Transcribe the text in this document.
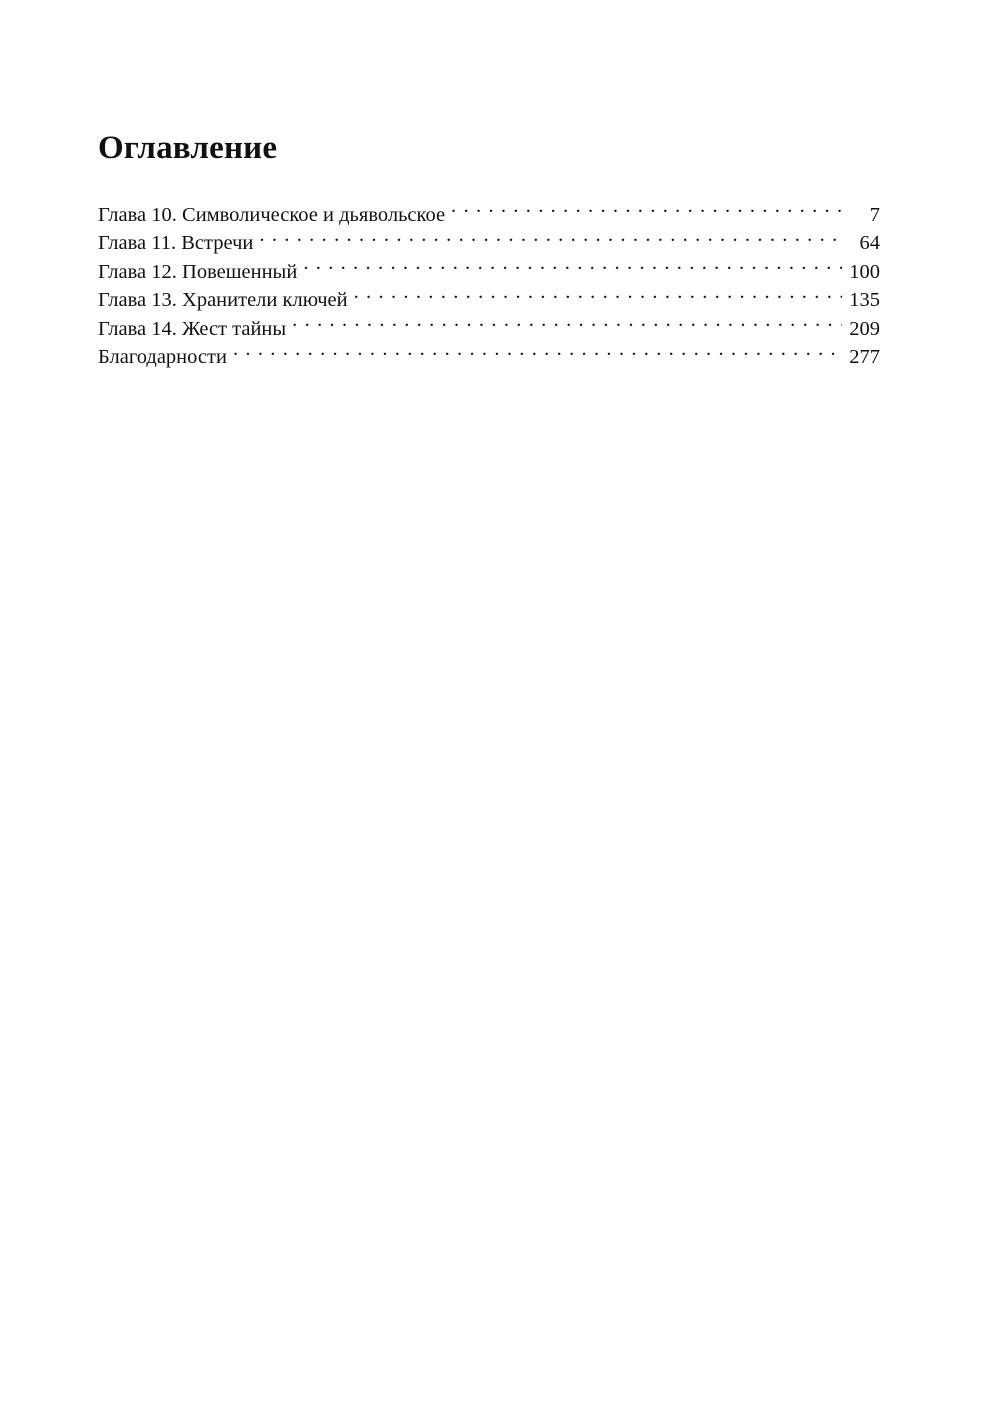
Оглавление
Глава 10. Символическое и дьявольское . . .	7
Глава 11. Встречи . . .	64
Глава 12. Повешенный . . .	100
Глава 13. Хранители ключей . . .	135
Глава 14. Жест тайны . . .	209
Благодарности . . .	277
